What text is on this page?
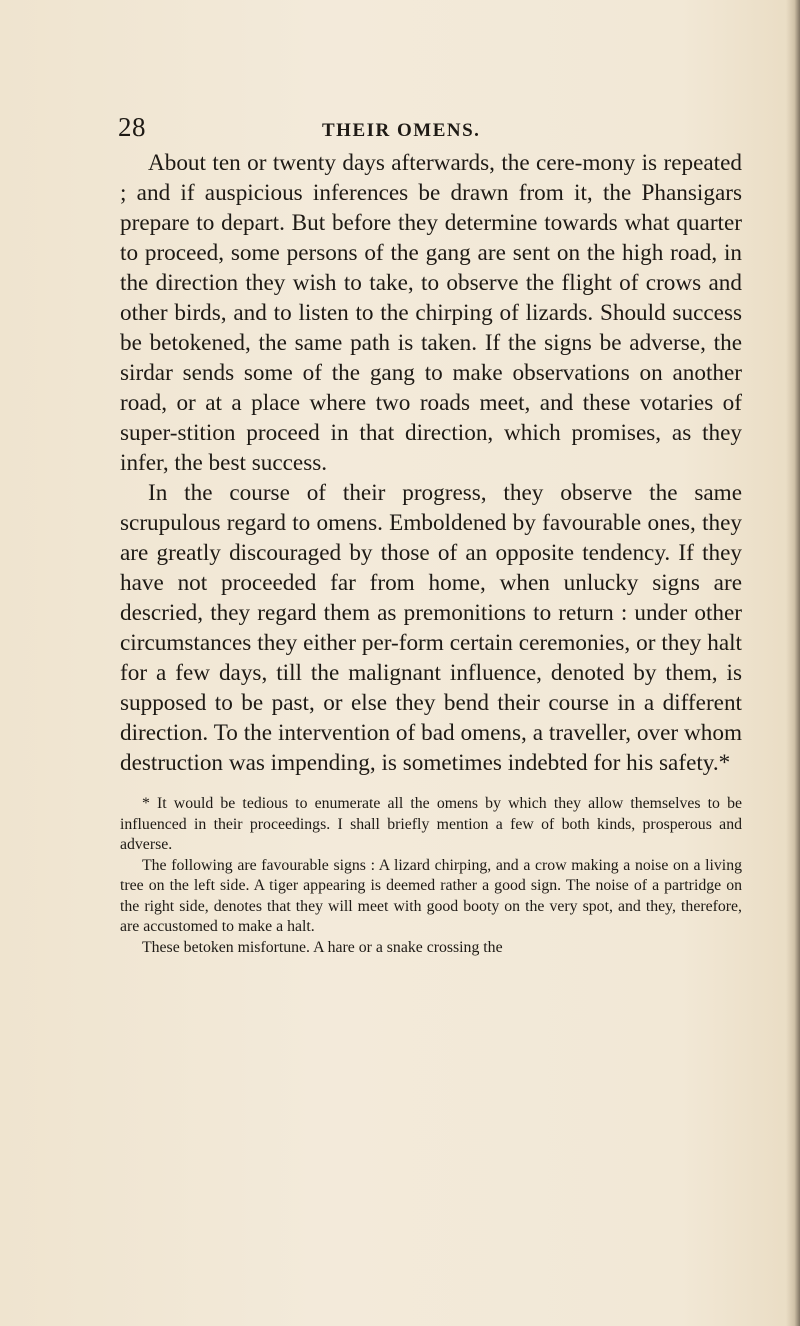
28	THEIR OMENS.

About ten or twenty days afterwards, the cere-mony is repeated ; and if auspicious inferences be drawn from it, the Phansigars prepare to depart. But before they determine towards what quarter to proceed, some persons of the gang are sent on the high road, in the direction they wish to take, to observe the flight of crows and other birds, and to listen to the chirping of lizards. Should success be betokened, the same path is taken. If the signs be adverse, the sirdar sends some of the gang to make observations on another road, or at a place where two roads meet, and these votaries of super-stition proceed in that direction, which promises, as they infer, the best success.

In the course of their progress, they observe the same scrupulous regard to omens. Emboldened by favourable ones, they are greatly discouraged by those of an opposite tendency. If they have not proceeded far from home, when unlucky signs are descried, they regard them as premonitions to return : under other circumstances they either per-form certain ceremonies, or they halt for a few days, till the malignant influence, denoted by them, is supposed to be past, or else they bend their course in a different direction. To the intervention of bad omens, a traveller, over whom destruction was impending, is sometimes indebted for his safety.*

* It would be tedious to enumerate all the omens by which they allow themselves to be influenced in their proceedings. I shall briefly mention a few of both kinds, prosperous and adverse.

The following are favourable signs : A lizard chirping, and a crow making a noise on a living tree on the left side. A tiger appearing is deemed rather a good sign. The noise of a partridge on the right side, denotes that they will meet with good booty on the very spot, and they, therefore, are accustomed to make a halt.

These betoken misfortune. A hare or a snake crossing the
